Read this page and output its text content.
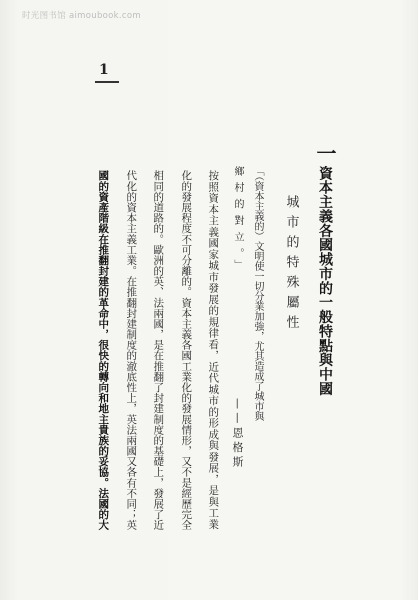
时光图书馆 aimoubook.com
1
一
資本主義各國城市的一般特點與中國
城市的特殊屬性
「（資本主義的）文明使一切分業加強，尤其造成了城市與
鄉村的對立。」
——恩格斯
按照資本主義國家城市發展的規律看，近代城市的形成與發展，是與工業
化的發展程度不可分離的。資本主義各國工業化的發展情形，又不是經歷完全
相同的道路的。歐洲的英、法兩國，是在推翻了封建制度的基礎上，發展了近
代化的資本主義工業。在推翻封建制度的澈底性上，英法兩國又各有不同；英
國的資產階級在推翻封建的革命中，很快的轉向和地主貴族的妥協。法國的大
